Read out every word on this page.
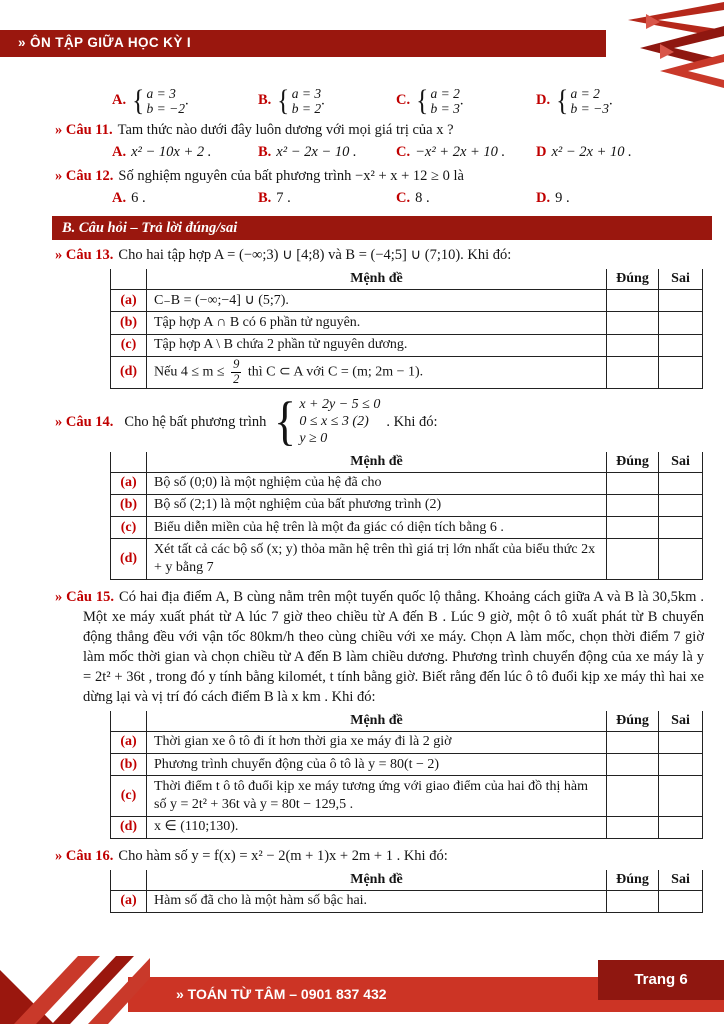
» ÔN TẬP GIỮA HỌC KỲ I
A. { a = 3
b = −2
.	B. { a = 3
b = 2
.	C. { a = 2
b = 3
.	D. { a = 2
b = −3
.
» Câu 11. Tam thức nào dưới đây luôn dương với mọi giá trị của x ?
A. x² − 10x + 2 .	B. x² − 2x − 10 .	C. −x² + 2x + 10 .	D x² − 2x + 10 .
» Câu 12. Số nghiệm nguyên của bất phương trình −x² + x + 12 ≥ 0 là
A. 6 .	B. 7 .	C. 8 .	D. 9 .
B. Câu hỏi – Trả lời đúng/sai
» Câu 13. Cho hai tập hợp A = (−∞;3) ∪ [4;8) và B = (−4;5] ∪ (7;10). Khi đó:
	Mệnh đề	Đúng	Sai
(a)	C₋B = (−∞;−4] ∪ (5;7).		
(b)	Tập hợp A ∩ B có 6 phần tử nguyên.		
(c)	Tập hợp A \ B chứa 2 phần tử nguyên dương.		
(d)	Nếu $4 \le m \le \frac{9}{2}$ thì C ⊂ A với C = (m; 2m − 1).		
» Câu 14. Cho hệ bất phương trình { x + 2y − 5 ≤ 0
0 ≤ x ≤ 3 (2)
y ≥ 0
. Khi đó:
	Mệnh đề	Đúng	Sai
(a)	Bộ số (0;0) là một nghiệm của hệ đã cho		
(b)	Bộ số (2;1) là một nghiệm của bất phương trình (2)		
(c)	Biểu diễn miền của hệ trên là một đa giác có diện tích bằng 6 .		
(d)	Xét tất cả các bộ số (x; y) thỏa mãn hệ trên thì giá trị lớn nhất của biểu thức 2x + y bằng 7		
» Câu 15. Có hai địa điểm A, B cùng nằm trên một tuyến quốc lộ thẳng. Khoảng cách giữa A và B là 30,5km . Một xe máy xuất phát từ A lúc 7 giờ theo chiều từ A đến B . Lúc 9 giờ, một ô tô xuất phát từ B chuyển động thẳng đều với vận tốc 80km/h theo cùng chiều với xe máy. Chọn A làm mốc, chọn thời điểm 7 giờ làm mốc thời gian và chọn chiều từ A đến B làm chiều dương. Phương trình chuyển động của xe máy là y = 2t² + 36t , trong đó y tính bằng kilomét, t tính bằng giờ. Biết rằng đến lúc ô tô đuổi kịp xe máy thì hai xe dừng lại và vị trí đó cách điểm B là x km . Khi đó:
	Mệnh đề	Đúng	Sai
(a)	Thời gian xe ô tô đi ít hơn thời gia xe máy đi là 2 giờ		
(b)	Phương trình chuyển động của ô tô là y = 80(t − 2)		
(c)	Thời điểm t ô tô đuổi kịp xe máy tương ứng với giao điểm của hai đồ thị hàm số y = 2t² + 36t và y = 80t − 129,5 .		
(d)	x ∈ (110;130).		
» Câu 16. Cho hàm số y = f(x) = x² − 2(m + 1)x + 2m + 1 . Khi đó:
	Mệnh đề	Đúng	Sai
(a)	Hàm số đã cho là một hàm số bậc hai.		
» TOÁN TỪ TÂM – 0901 837 432
Trang 6
